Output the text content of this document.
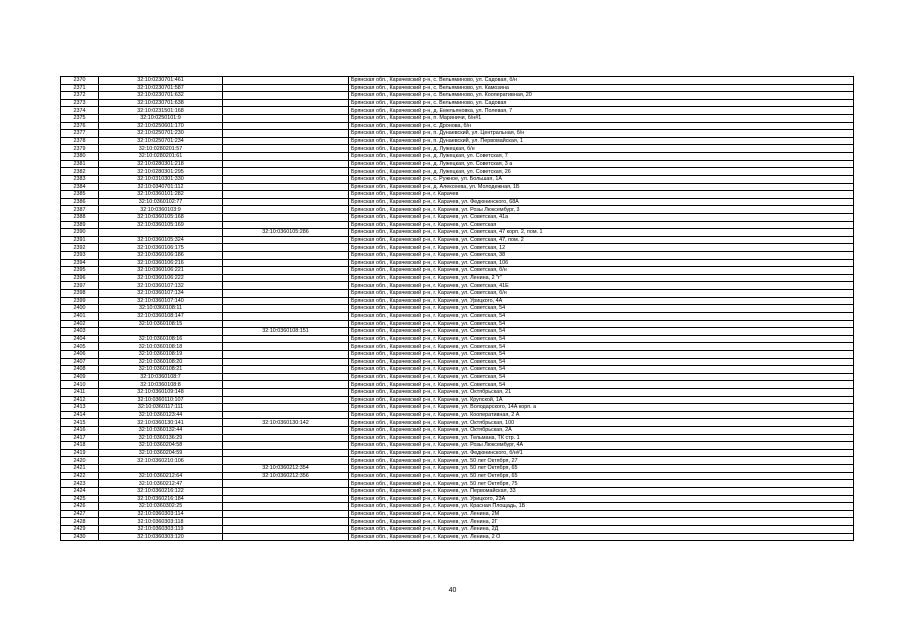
2370	32:10:0230701:461		Брянская обл., Карачевский р-н, с. Вельяминово, ул. Садовая, б/н
2371	32:10:0230701:587		Брянская обл., Карачевский р-н, с. Вельяминово, ул. Камозина
2372	32:10:0230701:632		Брянская обл., Карачевский р-н, с. Вельяминово, ул. Кооперативная, 20
2373	32:10:0230701:638		Брянская обл., Карачевский р-н, с. Вельяминово, ул. Садовая
2374	32:10:0231501:168		Брянская обл., Карачевский р-н, д. Емельяновка, ул. Полевая, 7
2375	32:10:0250101:9		Брянская обл., Карачевский р-н, п. Мариничи, б/н#1
2376	32:10:0250601:170		Брянская обл., Карачевский р-н, с. Дронова, б/н
2377	32:10:0250701:230		Брянская обл., Карачевский р-н, п. Дунаевский, ул. Центральная, б/н
2378	32:10:0250701:234		Брянская обл., Карачевский р-н, п. Дунаевский, ул. Первомайская, 1
2379	32:10:0280201:57		Брянская обл., Карачевский р-н, д. Лужецкая, б/н
2380	32:10:0280201:61		Брянская обл., Карачевский р-н, д. Лужецкая, ул. Советская, 7
2381	32:10:0280301:218		Брянская обл., Карачевский р-н, д. Лужецкая, ул. Советская, 3 а
2382	32:10:0280301:295		Брянская обл., Карачевский р-н, д. Лужецкая, ул. Советская, 26
2383	32:10:0310301:330		Брянская обл., Карачевский р-н, с. Ружное, ул. Большая, 1А
2384	32:10:0340701:112		Брянская обл., Карачевский р-н, д. Алексеева, ул. Молодежная, 1Б
2385	32:10:0360101:282		Брянская обл., Карачевский р-н, г. Карачев
2386	32:10:0360102:77		Брянская обл., Карачевский р-н, г. Карачев, ул. Федюнинского, 68А
2387	32:10:0360103:9		Брянская обл., Карачевский р-н, г. Карачев, ул. Розы Люксембург, 3
2388	32:10:0360105:168		Брянская обл., Карачевский р-н, г. Карачев, ул. Советская, 41а
2389	32:10:0360105:169		Брянская обл., Карачевский р-н, г. Карачев, ул. Советская
2390		32:10:0360105:286	Брянская обл., Карачевский р-н, г. Карачев, ул. Советская, 47 корп. 2, пом. 1
2391	32:10:0360105:324		Брянская обл., Карачевский р-н, г. Карачев, ул. Советская, 47, пом. 2
2392	32:10:0360106:175		Брянская обл., Карачевский р-н, г. Карачев, ул. Советская, 12
2393	32:10:0360106:186		Брянская обл., Карачевский р-н, г. Карачев, ул. Советская, 38
2394	32:10:0360106:216		Брянская обл., Карачевский р-н, г. Карачев, ул. Советская, 106
2395	32:10:0360106:221		Брянская обл., Карачевский р-н, г. Карачев, ул. Советская, б/н
2396	32:10:0360106:222		Брянская обл., Карачевский р-н, г. Карачев, ул. Ленина, 2 "г"
2397	32:10:0360107:132		Брянская обл., Карачевский р-н, г. Карачев, ул. Советская, 41Е
2398	32:10:0360107:134		Брянская обл., Карачевский р-н, г. Карачев, ул. Советская, б/н
2399	32:10:0360107:140		Брянская обл., Карачевский р-н, г. Карачев, ул. Урицкого, 4А
2400	32:10:0360108:11		Брянская обл., Карачевский р-н, г. Карачев, ул. Советская, 54
2401	32:10:0360108:147		Брянская обл., Карачевский р-н, г. Карачев, ул. Советская, 54
2402	32:10:0360108:15		Брянская обл., Карачевский р-н, г. Карачев, ул. Советская, 54
2403		32:10:0360108:151	Брянская обл., Карачевский р-н, г. Карачев, ул. Советская, 54
2404	32:10:0360108:16		Брянская обл., Карачевский р-н, г. Карачев, ул. Советская, 54
2405	32:10:0360108:18		Брянская обл., Карачевский р-н, г. Карачев, ул. Советская, 54
2406	32:10:0360108:19		Брянская обл., Карачевский р-н, г. Карачев, ул. Советская, 54
2407	32:10:0360108:20		Брянская обл., Карачевский р-н, г. Карачев, ул. Советская, 54
2408	32:10:0360108:21		Брянская обл., Карачевский р-н, г. Карачев, ул. Советская, 54
2409	32:10:0360108:7		Брянская обл., Карачевский р-н, г. Карачев, ул. Советская, 54
2410	32:10:0360108:8		Брянская обл., Карачевский р-н, г. Карачев, ул. Советская, 54
2411	32:10:0360109:148		Брянская обл., Карачевский р-н, г. Карачев, ул. Октябрьская, 21
2412	32:10:0360110:107		Брянская обл., Карачевский р-н, г. Карачев, ул. Крупской, 1А
2413	32:10:0360117:111		Брянская обл., Карачевский р-н, г. Карачев, ул. Володарского, 14А корп. а
2414	32:10:0360123:44		Брянская обл., Карачевский р-н, г. Карачев, ул. Кооперативная, 2 А
2415	32:10:0360130:141	32:10:0360130:142	Брянская обл., Карачевский р-н, г. Карачев, ул. Октябрьская, 100
2416	32:10:0360132:44		Брянская обл., Карачевский р-н, г. Карачев, ул. Октябрьская, 2А
2417	32:10:0360136:29		Брянская обл., Карачевский р-н, г. Карачев, ул. Тельмана, ТК стр. 1
2418	32:10:0360204:58		Брянская обл., Карачевский р-н, г. Карачев, ул. Розы Люксембург, 4А
2419	32:10:0360204:59		Брянская обл., Карачевский р-н, г. Карачев, ул. Федюнинского, б/н#1
2420	32:10:0360210:106		Брянская обл., Карачевский р-н, г. Карачев, ул. 50 лет Октября, 27
2421		32:10:0360212:354	Брянская обл., Карачевский р-н, г. Карачев, ул. 50 лет Октября, 65
2422	32:10:0360212:64	32:10:0360212:356	Брянская обл., Карачевский р-н, г. Карачев, ул. 50 лет Октября, 65
2423	32:10:0360212:47		Брянская обл., Карачевский р-н, г. Карачев, ул. 50 лет Октября, 75
2424	32:10:0360216:122		Брянская обл., Карачевский р-н, г. Карачев, ул. Первомайская, 33
2425	32:10:0360216:184		Брянская обл., Карачевский р-н, г. Карачев, ул. Урицкого, 23А
2426	32:10:0360302:25		Брянская обл., Карачевский р-н, г. Карачев, ул. Красная Площадь, 1Б
2427	32:10:0360303:114		Брянская обл., Карачевский р-н, г. Карачев, ул. Ленина, 2М
2428	32:10:0360303:118		Брянская обл., Карачевский р-н, г. Карачев, ул. Ленина, 2Г
2429	32:10:0360303:119		Брянская обл., Карачевский р-н, г. Карачев, ул. Ленина, 2Д
2430	32:10:0360303:120		Брянская обл., Карачевский р-н, г. Карачев, ул. Ленина, 2 О
40
